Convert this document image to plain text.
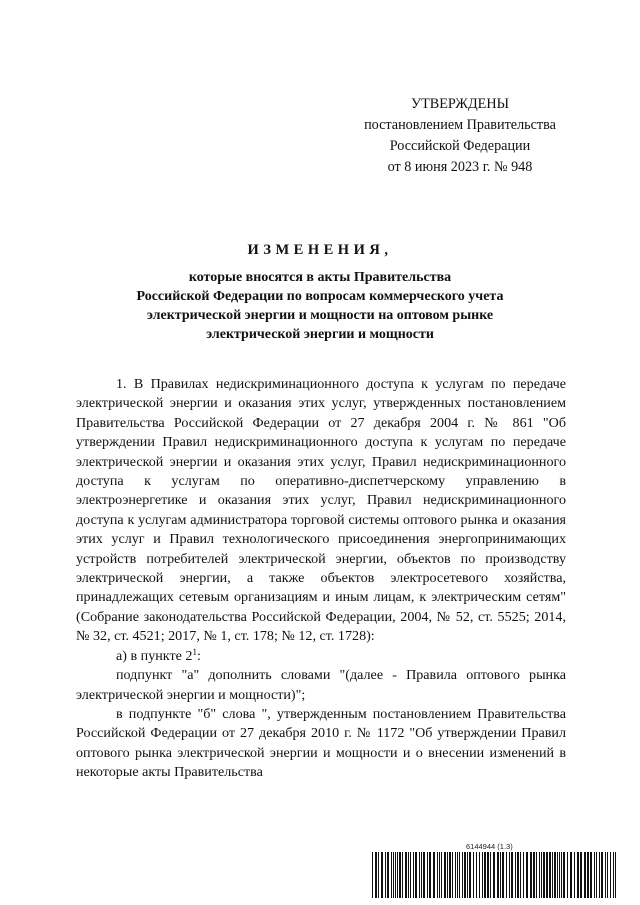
УТВЕРЖДЕНЫ
постановлением Правительства
Российской Федерации
от 8 июня 2023 г. № 948
ИЗМЕНЕНИЯ,
которые вносятся в акты Правительства
Российской Федерации по вопросам коммерческого учета
электрической энергии и мощности на оптовом рынке
электрической энергии и мощности

1. В Правилах недискриминационного доступа к услугам по передаче электрической энергии и оказания этих услуг, утвержденных постановлением Правительства Российской Федерации от 27 декабря 2004 г. № 861 "Об утверждении Правил недискриминационного доступа к услугам по передаче электрической энергии и оказания этих услуг, Правил недискриминационного доступа к услугам по оперативно-диспетчерскому управлению в электроэнергетике и оказания этих услуг, Правил недискриминационного доступа к услугам администратора торговой системы оптового рынка и оказания этих услуг и Правил технологического присоединения энергопринимающих устройств потребителей электрической энергии, объектов по производству электрической энергии, а также объектов электросетевого хозяйства, принадлежащих сетевым организациям и иным лицам, к электрическим сетям" (Собрание законодательства Российской Федерации, 2004, № 52, ст. 5525; 2014, № 32, ст. 4521; 2017, № 1, ст. 178; № 12, ст. 1728):

а) в пункте $2^1$:

подпункт "а" дополнить словами "(далее - Правила оптового рынка электрической энергии и мощности)";

в подпункте "б" слова ", утвержденным постановлением Правительства Российской Федерации от 27 декабря 2010 г. № 1172 "Об утверждении Правил оптового рынка электрической энергии и мощности и о внесении изменений в некоторые акты Правительства

6144944 (1.3)
